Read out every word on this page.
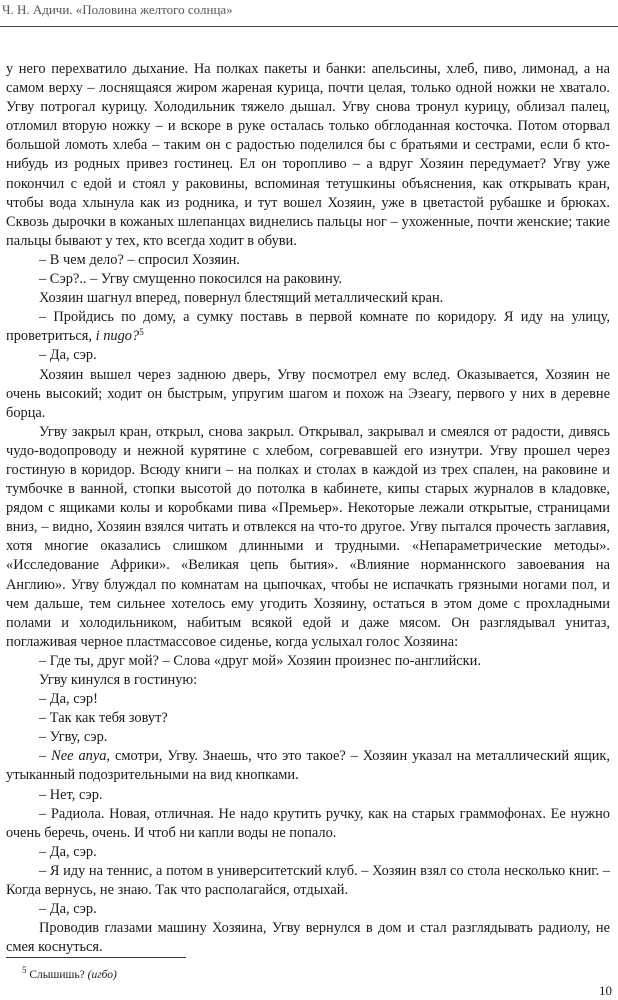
Ч. Н. Адичи. «Половина желтого солнца»

у него перехватило дыхание. На полках пакеты и банки: апельсины, хлеб, пиво, лимонад, а на самом верху – лоснящаяся жиром жареная курица, почти целая, только одной ножки не хватало. Угву потрогал курицу. Холодильник тяжело дышал. Угву снова тронул курицу, облизал палец, отломил вторую ножку – и вскоре в руке осталась только обглоданная косточка. Потом оторвал большой ломоть хлеба – таким он с радостью поделился бы с братьями и сестрами, если б кто-нибудь из родных привез гостинец. Ел он торопливо – а вдруг Хозяин передумает? Угву уже покончил с едой и стоял у раковины, вспоминая тетушкины объяснения, как открывать кран, чтобы вода хлынула как из родника, и тут вошел Хозяин, уже в цветастой рубашке и брюках. Сквозь дырочки в кожаных шлепанцах виднелись пальцы ног – ухоженные, почти женские; такие пальцы бывают у тех, кто всегда ходит в обуви.

– В чем дело? – спросил Хозяин.

– Сэр?.. – Угву смущенно покосился на раковину.

Хозяин шагнул вперед, повернул блестящий металлический кран.

– Пройдись по дому, а сумку поставь в первой комнате по коридору. Я иду на улицу, проветриться, i nugo?$^5$

– Да, сэр.

Хозяин вышел через заднюю дверь, Угву посмотрел ему вслед. Оказывается, Хозяин не очень высокий; ходит он быстрым, упругим шагом и похож на Эзеагу, первого у них в деревне борца.

Угву закрыл кран, открыл, снова закрыл. Открывал, закрывал и смеялся от радости, дивясь чудо-водопроводу и нежной курятине с хлебом, согревавшей его изнутри. Угву прошел через гостиную в коридор. Всюду книги – на полках и столах в каждой из трех спален, на раковине и тумбочке в ванной, стопки высотой до потолка в кабинете, кипы старых журналов в кладовке, рядом с ящиками колы и коробками пива «Премьер». Некоторые лежали открытые, страницами вниз, – видно, Хозяин взялся читать и отвлекся на что-то другое. Угву пытался прочесть заглавия, хотя многие оказались слишком длинными и трудными. «Непараметрические методы». «Исследование Африки». «Великая цепь бытия». «Влияние норманнского завоевания на Англию». Угву блуждал по комнатам на цыпочках, чтобы не испачкать грязными ногами пол, и чем дальше, тем сильнее хотелось ему угодить Хозяину, остаться в этом доме с прохладными полами и холодильником, набитым всякой едой и даже мясом. Он разглядывал унитаз, поглаживая черное пластмассовое сиденье, когда услыхал голос Хозяина:

– Где ты, друг мой? – Слова «друг мой» Хозяин произнес по-английски.

Угву кинулся в гостиную:

– Да, сэр!

– Так как тебя зовут?

– Угву, сэр.

– Nee anya, смотри, Угву. Знаешь, что это такое? – Хозяин указал на металлический ящик, утыканный подозрительными на вид кнопками.

– Нет, сэр.

– Радиола. Новая, отличная. Не надо крутить ручку, как на старых граммофонах. Ее нужно очень беречь, очень. И чтоб ни капли воды не попало.

– Да, сэр.

– Я иду на теннис, а потом в университетский клуб. – Хозяин взял со стола несколько книг. – Когда вернусь, не знаю. Так что располагайся, отдыхай.

– Да, сэр.

Проводив глазами машину Хозяина, Угву вернулся в дом и стал разглядывать радиолу, не смея коснуться.

$^5$ Слышишь? (игбо)
10
